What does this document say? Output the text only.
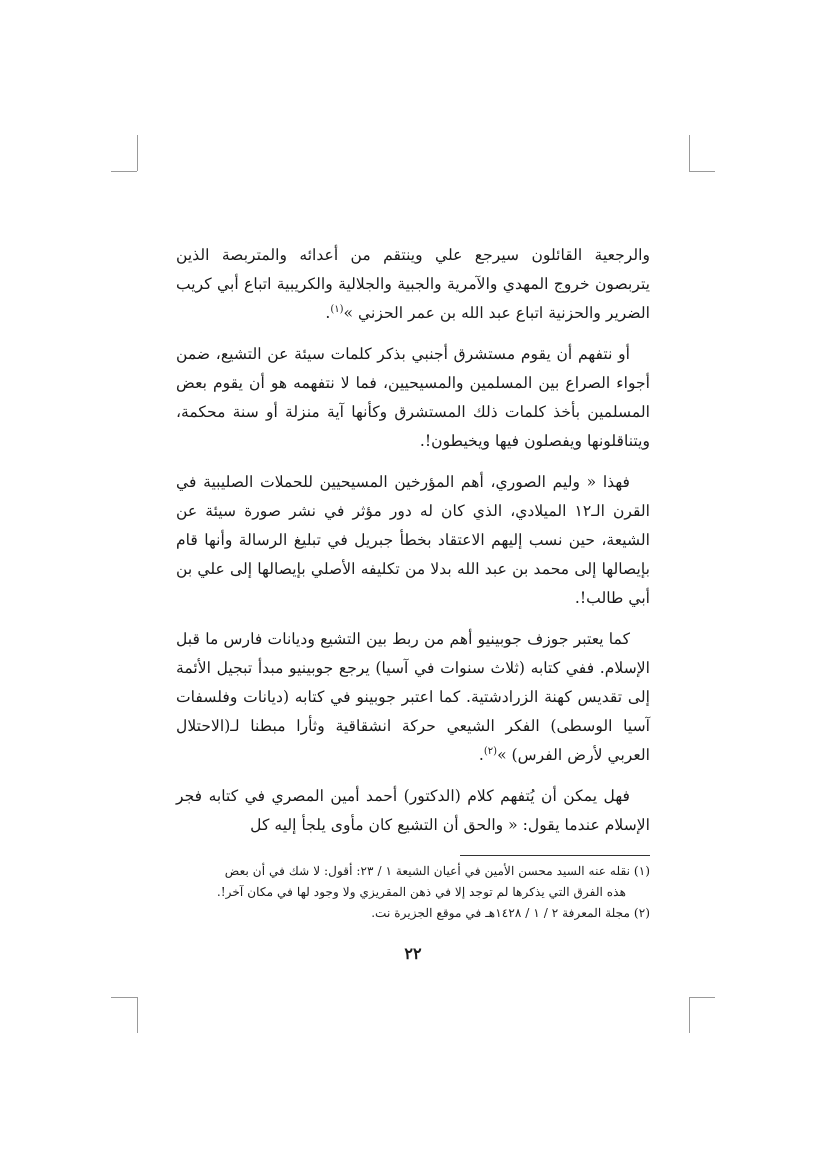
والرجعية القائلون سيرجع علي وينتقم من أعدائه والمتربصة الذين يتربصون خروج المهدي والآمرية والجبية والجلالية والكريبية اتباع أبي كريب الضرير والحزنية اتباع عبد الله بن عمر الحزني »$^{(١)}$.

أو نتفهم أن يقوم مستشرق أجنبي بذكر كلمات سيئة عن التشيع، ضمن أجواء الصراع بين المسلمين والمسيحيين، فما لا نتفهمه هو أن يقوم بعض المسلمين بأخذ كلمات ذلك المستشرق وكأنها آية منزلة أو سنة محكمة، ويتناقلونها ويفصلون فيها ويخيطون!.

فهذا « وليم الصوري، أهم المؤرخين المسيحيين للحملات الصليبية في القرن الـ١٢ الميلادي، الذي كان له دور مؤثر في نشر صورة سيئة عن الشيعة، حين نسب إليهم الاعتقاد بخطأ جبريل في تبليغ الرسالة وأنها قام بإيصالها إلى محمد بن عبد الله بدلا من تكليفه الأصلي بإيصالها إلى علي بن أبي طالب!.

كما يعتبر جوزف جوبينيو أهم من ربط بين التشيع وديانات فارس ما قبل الإسلام. ففي كتابه (ثلاث سنوات في آسيا) يرجع جوبينيو مبدأ تبجيل الأئمة إلى تقديس كهنة الزرادشتية. كما اعتبر جوبينو في كتابه (ديانات وفلسفات آسيا الوسطى) الفكر الشيعي حركة انشقاقية وثأرا مبطنا لـ(الاحتلال العربي لأرض الفرس) »$^{(٢)}$.

فهل يمكن أن يُتفهم كلام (الدكتور) أحمد أمين المصري في كتابه فجر الإسلام عندما يقول: « والحق أن التشيع كان مأوى يلجأ إليه كل

(١) نقله عنه السيد محسن الأمين في أعيان الشيعة ١ / ٢٣: أقول: لا شك في أن بعض
هذه الفرق التي يذكرها لم توجد إلا في ذهن المقريزي ولا وجود لها في مكان آخر!.

(٢) مجلة المعرفة ٢ / ١ / ١٤٢٨هـ في موقع الجزيرة نت.

٢٢
